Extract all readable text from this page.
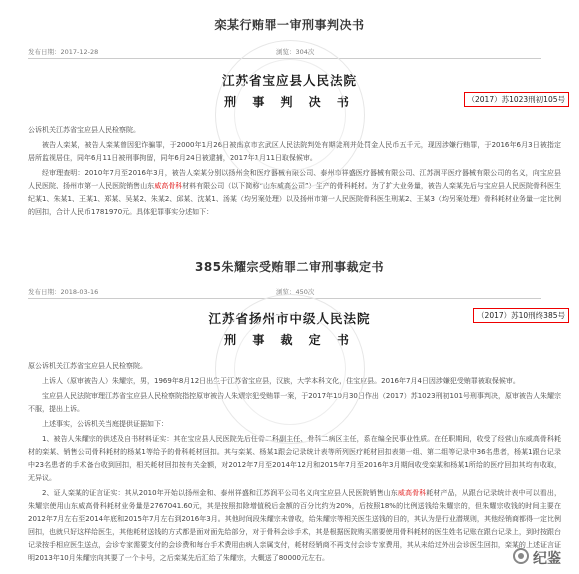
栾某行贿罪一审刑事判决书
发布日期：2017-12-28	浏览：304次
江苏省宝应县人民法院
刑 事 判 决 书	（2017）苏1023刑初105号

公诉机关江苏省宝应县人民检察院。

被告人栾某，被告人栾某曾因犯诈骗罪，于2000年1月26日被南京市玄武区人民法院判处有期徒刑并处罚金人民币五千元，现因涉嫌行贿罪，于2016年6月3日被指定居所监视居住，同年6月11日被刑事拘留，同年6月24日被逮捕，2017年1月11日取保候审。

经审理查明：2010年7月至2016年3月，被告人栾某分别以扬州金和医疗器械有限公司、泰州市祥盛医疗器械有限公司、江苏润平医疗器械有限公司的名义，向宝应县人民医院、扬州市第一人民医院销售山东威高骨科材料有限公司（以下简称“山东威高公司”）生产的骨科耗材。为了扩大业务量，被告人栾某先后与宝应县人民医院骨科医生纪某1、朱某1、王某1、郑某、吴某2、朱某2、邱某、沈某1、汤某（均另案处理）以及扬州市第一人民医院骨科医生刑某2、王某3（均另案处理）骨科耗材业务量一定比例的回扣，合计人民币1781970元。具体犯罪事实分述如下：

385朱耀宗受贿罪二审刑事裁定书
发布日期：2018-03-16	浏览：450次
江苏省扬州市中级人民法院
刑 事 裁 定 书
（2017）苏10刑终385号

原公诉机关江苏省宝应县人民检察院。

上诉人（原审被告人）朱耀宗，男，1969年8月12日出生于江苏省宝应县，汉族，大学本科文化，住宝应县。2016年7月4日因涉嫌犯受贿罪被取保候审。

宝应县人民法院审理江苏省宝应县人民检察院指控原审被告人朱耀宗犯受贿罪一案，于2017年10月30日作出（2017）苏1023刑初101号刑事判决，原审被告人朱耀宗不服，提出上诉。

上述事实，公诉机关当庭提供证据如下：

1、被告人朱耀宗的供述及自书材料证实：其在宝应县人民医院先后任骨二科副主任、骨科二病区主任，系在编全民事业性质。在任职期间，收受了经营山东威高骨科耗材的栾某、销售公司骨科耗材的杨某1等给予的骨科耗材回扣。其与栾某、杨某1跟会记录统计表等所列医疗耗材回扣表第一组、第二组等记录中36名患者，杨某1跟台记录中23名患者的手术备台收到回扣，相关耗材回扣按有关金额，对2012年7月至2014年12月和2015年7月至2016年3月期间收受栾某和杨某1所给的医疗回扣其均有收取，无异议。

2、证人栾某的证言证实：其从2010年开始以扬州金和、泰州祥盛和江苏润平公司名义向宝应县人民医院销售山东威高骨科耗材产品，从跟台记录统计表中可以看出，朱耀宗使用山东威高骨科耗材业务量是2767041.60元，其是按照扣除增值税后金额的百分比约为20%，后按照18%的比例送钱给朱耀宗的，但朱耀宗收钱的时间主要在2012年7月左右至2014年底和2015年7月左右到2016年3月。其他时间段朱耀宗未曾收，给朱耀宗等相关医生送钱的目的，其认为是行业潜规则，其他经销商都得一定比例回扣，也就只好这样给医生，其他耗材送钱的方式都是面对面先给部分，对于骨科会诊手术，其是根据医院购买需要使用骨科耗材的医生姓名记账在跟台记录上，到时按跟台记录按手相应医生送点，会诊专家需要支付的会诊费和每台手术费用由病人亲属支付，耗材经销商不再支付会诊专家费用，其从未给过外出会诊医生回扣，栾某的上述证言证明2013年10月朱耀宗向其要了一个卡号，之后栾某先后汇给了朱耀宗，大概送了80000元左右。	纪鉴
